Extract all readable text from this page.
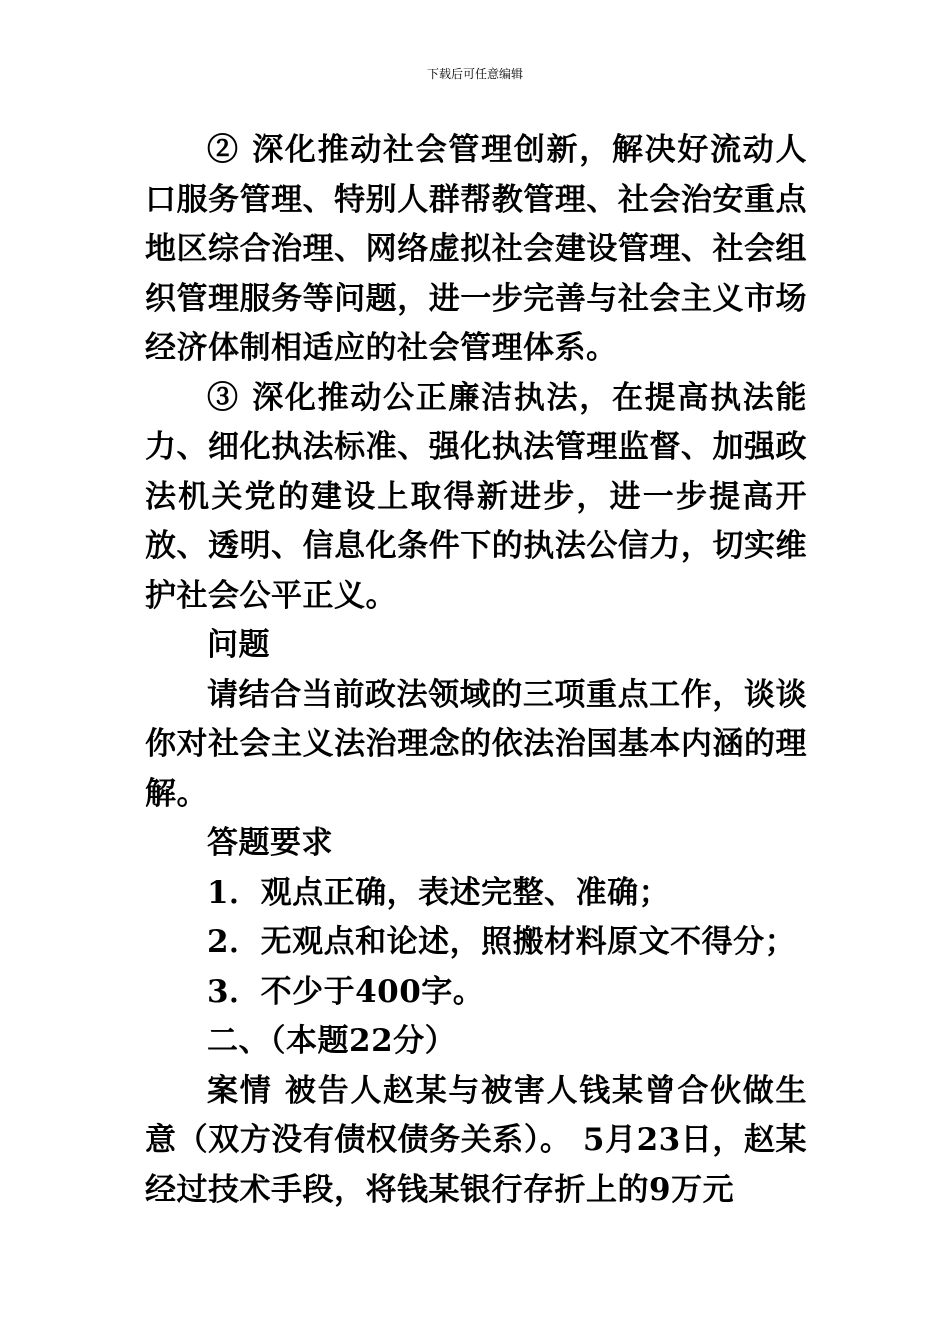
下载后可任意编辑

② 深化推动社会管理创新，解决好流动人口服务管理、特别人群帮教管理、社会治安重点地区综合治理、网络虚拟社会建设管理、社会组织管理服务等问题，进一步完善与社会主义市场经济体制相适应的社会管理体系。

③ 深化推动公正廉洁执法，在提高执法能力、细化执法标准、强化执法管理监督、加强政法机关党的建设上取得新进步，进一步提高开放、透明、信息化条件下的执法公信力，切实维护社会公平正义。

问题

请结合当前政法领域的三项重点工作，谈谈你对社会主义法治理念的依法治国基本内涵的理解。

答题要求

1．观点正确，表述完整、准确；

2．无观点和论述，照搬材料原文不得分；

3．不少于400字。

二、（本题22分）

案情 被告人赵某与被害人钱某曾合伙做生意（双方没有债权债务关系）。 5月23日，赵某经过技术手段，将钱某银行存折上的9万元
